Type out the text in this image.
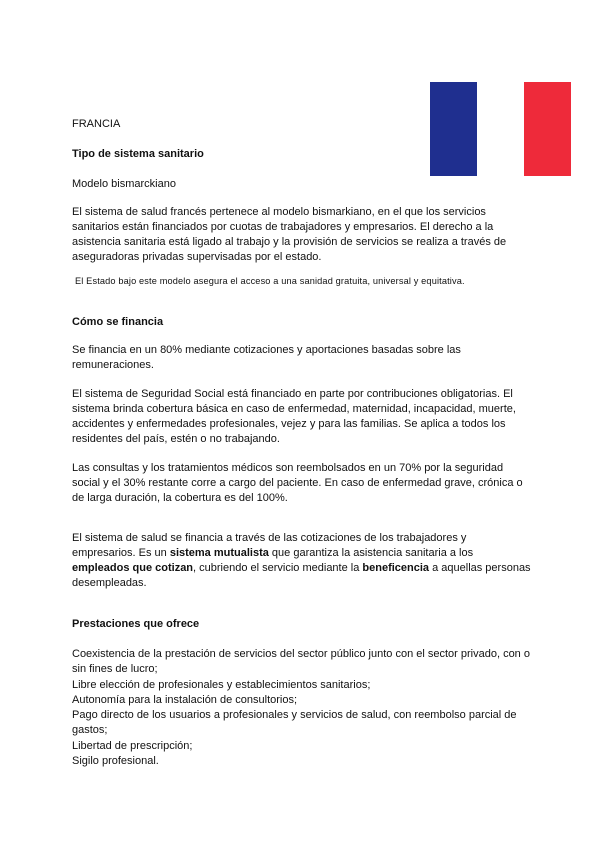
FRANCIA
Tipo de sistema sanitario
Modelo bismarckiano
El sistema de salud francés pertenece al modelo bismarkiano, en el que los servicios sanitarios están financiados por cuotas de trabajadores y empresarios. El derecho a la asistencia sanitaria está ligado al trabajo y la provisión de servicios se realiza a través de aseguradoras privadas supervisadas por el estado.
El Estado bajo este modelo asegura el acceso a una sanidad gratuita, universal y equitativa.
Cómo se financia
Se financia en un 80% mediante cotizaciones y aportaciones basadas sobre las remuneraciones.
El sistema de Seguridad Social está financiado en parte por contribuciones obligatorias. El sistema brinda cobertura básica en caso de enfermedad, maternidad, incapacidad, muerte, accidentes y enfermedades profesionales, vejez y para las familias. Se aplica a todos los residentes del país, estén o no trabajando.
Las consultas y los tratamientos médicos son reembolsados en un 70% por la seguridad social y el 30% restante corre a cargo del paciente. En caso de enfermedad grave, crónica o de larga duración, la cobertura es del 100%.
El sistema de salud se financia a través de las cotizaciones de los trabajadores y empresarios. Es un sistema mutualista que garantiza la asistencia sanitaria a los empleados que cotizan, cubriendo el servicio mediante la beneficencia a aquellas personas desempleadas.
Prestaciones que ofrece
Coexistencia de la prestación de servicios del sector público junto con el sector privado, con o sin fines de lucro;
Libre elección de profesionales y establecimientos sanitarios;
Autonomía para la instalación de consultorios;
Pago directo de los usuarios a profesionales y servicios de salud, con reembolso parcial de gastos;
Libertad de prescripción;
Sigilo profesional.
